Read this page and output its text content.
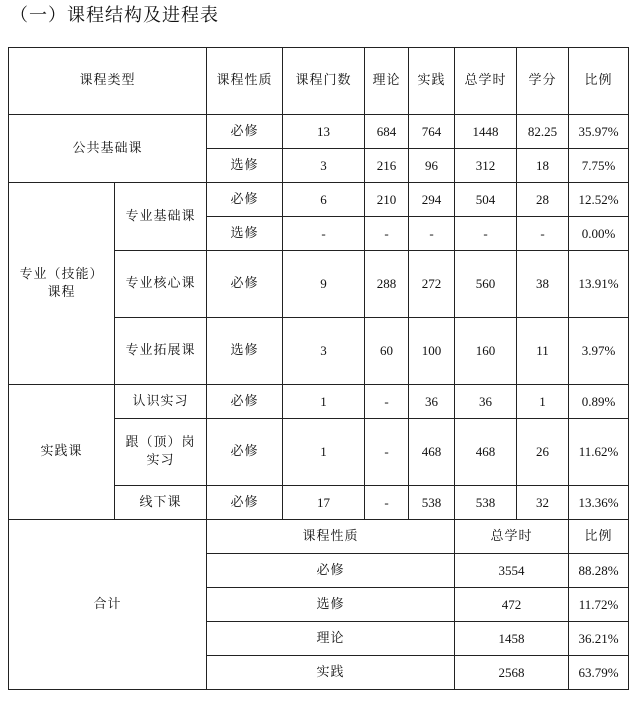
（一）课程结构及进程表
课程类型		课程性质	课程门数	理论	实践	总学时	学分	比例
公共基础课		必修	13	684	764	1448	82.25	35.97%
		选修	3	216	96	312	18	7.75%
专业（技能）课程	专业基础课	必修	6	210	294	504	28	12.52%
		选修	-	-	-	-	-	0.00%
	专业核心课	必修	9	288	272	560	38	13.91%
	专业拓展课	选修	3	60	100	160	11	3.97%
实践课	认识实习	必修	1	-	36	36	1	0.89%
	跟（顶）岗实习	必修	1	-	468	468	26	11.62%
	线下课	必修	17	-	538	538	32	13.36%
合计		课程性质				总学时		比例
		必修				3554		88.28%
		选修				472		11.72%
		理论				1458		36.21%
		实践				2568		63.79%
